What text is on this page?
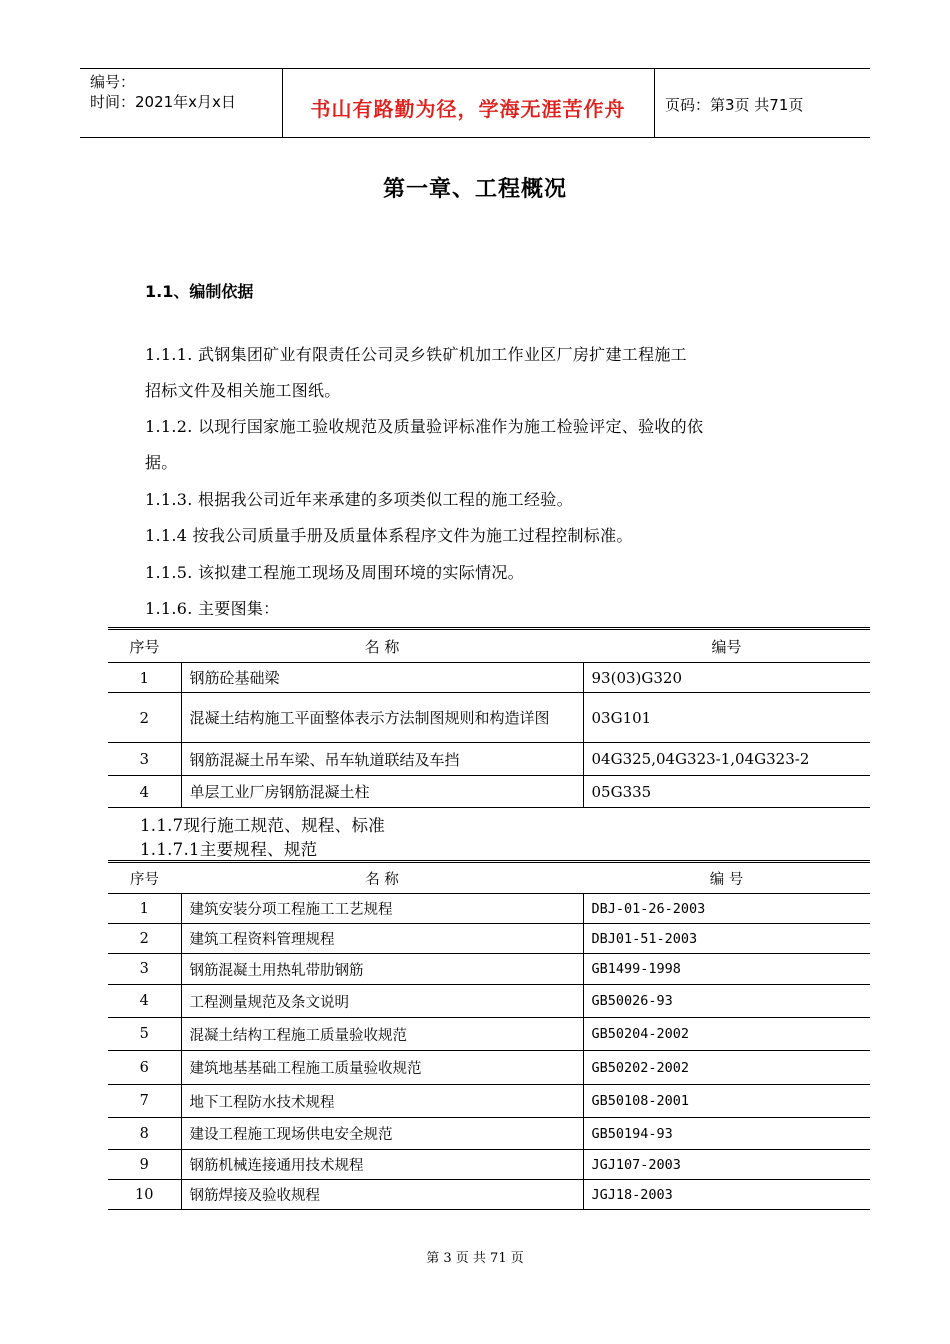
编号：
时间：2021年x月x日	书山有路勤为径，学海无涯苦作舟	页码：第3页 共71页
第一章、工程概况
1.1、编制依据
1.1.1. 武钢集团矿业有限责任公司灵乡铁矿机加工作业区厂房扩建工程施工
招标文件及相关施工图纸。
1.1.2. 以现行国家施工验收规范及质量验评标准作为施工检验评定、验收的依
据。
1.1.3. 根据我公司近年来承建的多项类似工程的施工经验。
1.1.4 按我公司质量手册及质量体系程序文件为施工过程控制标准。
1.1.5. 该拟建工程施工现场及周围环境的实际情况。
1.1.6. 主要图集：
序号	名 称	编号
1	钢筋砼基础梁	93(03)G320
2	混凝土结构施工平面整体表示方法制图规则和构造详图	03G101
3	钢筋混凝土吊车梁、吊车轨道联结及车挡	04G325,04G323-1,04G323-2
4	单层工业厂房钢筋混凝土柱	05G335
1.1.7现行施工规范、规程、标准
1.1.7.1主要规程、规范
序号	名 称	编 号
1	建筑安装分项工程施工工艺规程	DBJ-01-26-2003
2	建筑工程资料管理规程	DBJ01-51-2003
3	钢筋混凝土用热轧带肋钢筋	GB1499-1998
4	工程测量规范及条文说明	GB50026-93
5	混凝土结构工程施工质量验收规范	GB50204-2002
6	建筑地基基础工程施工质量验收规范	GB50202-2002
7	地下工程防水技术规程	GB50108-2001
8	建设工程施工现场供电安全规范	GB50194-93
9	钢筋机械连接通用技术规程	JGJ107-2003
10	钢筋焊接及验收规程	JGJ18-2003
第 3 页 共 71 页
